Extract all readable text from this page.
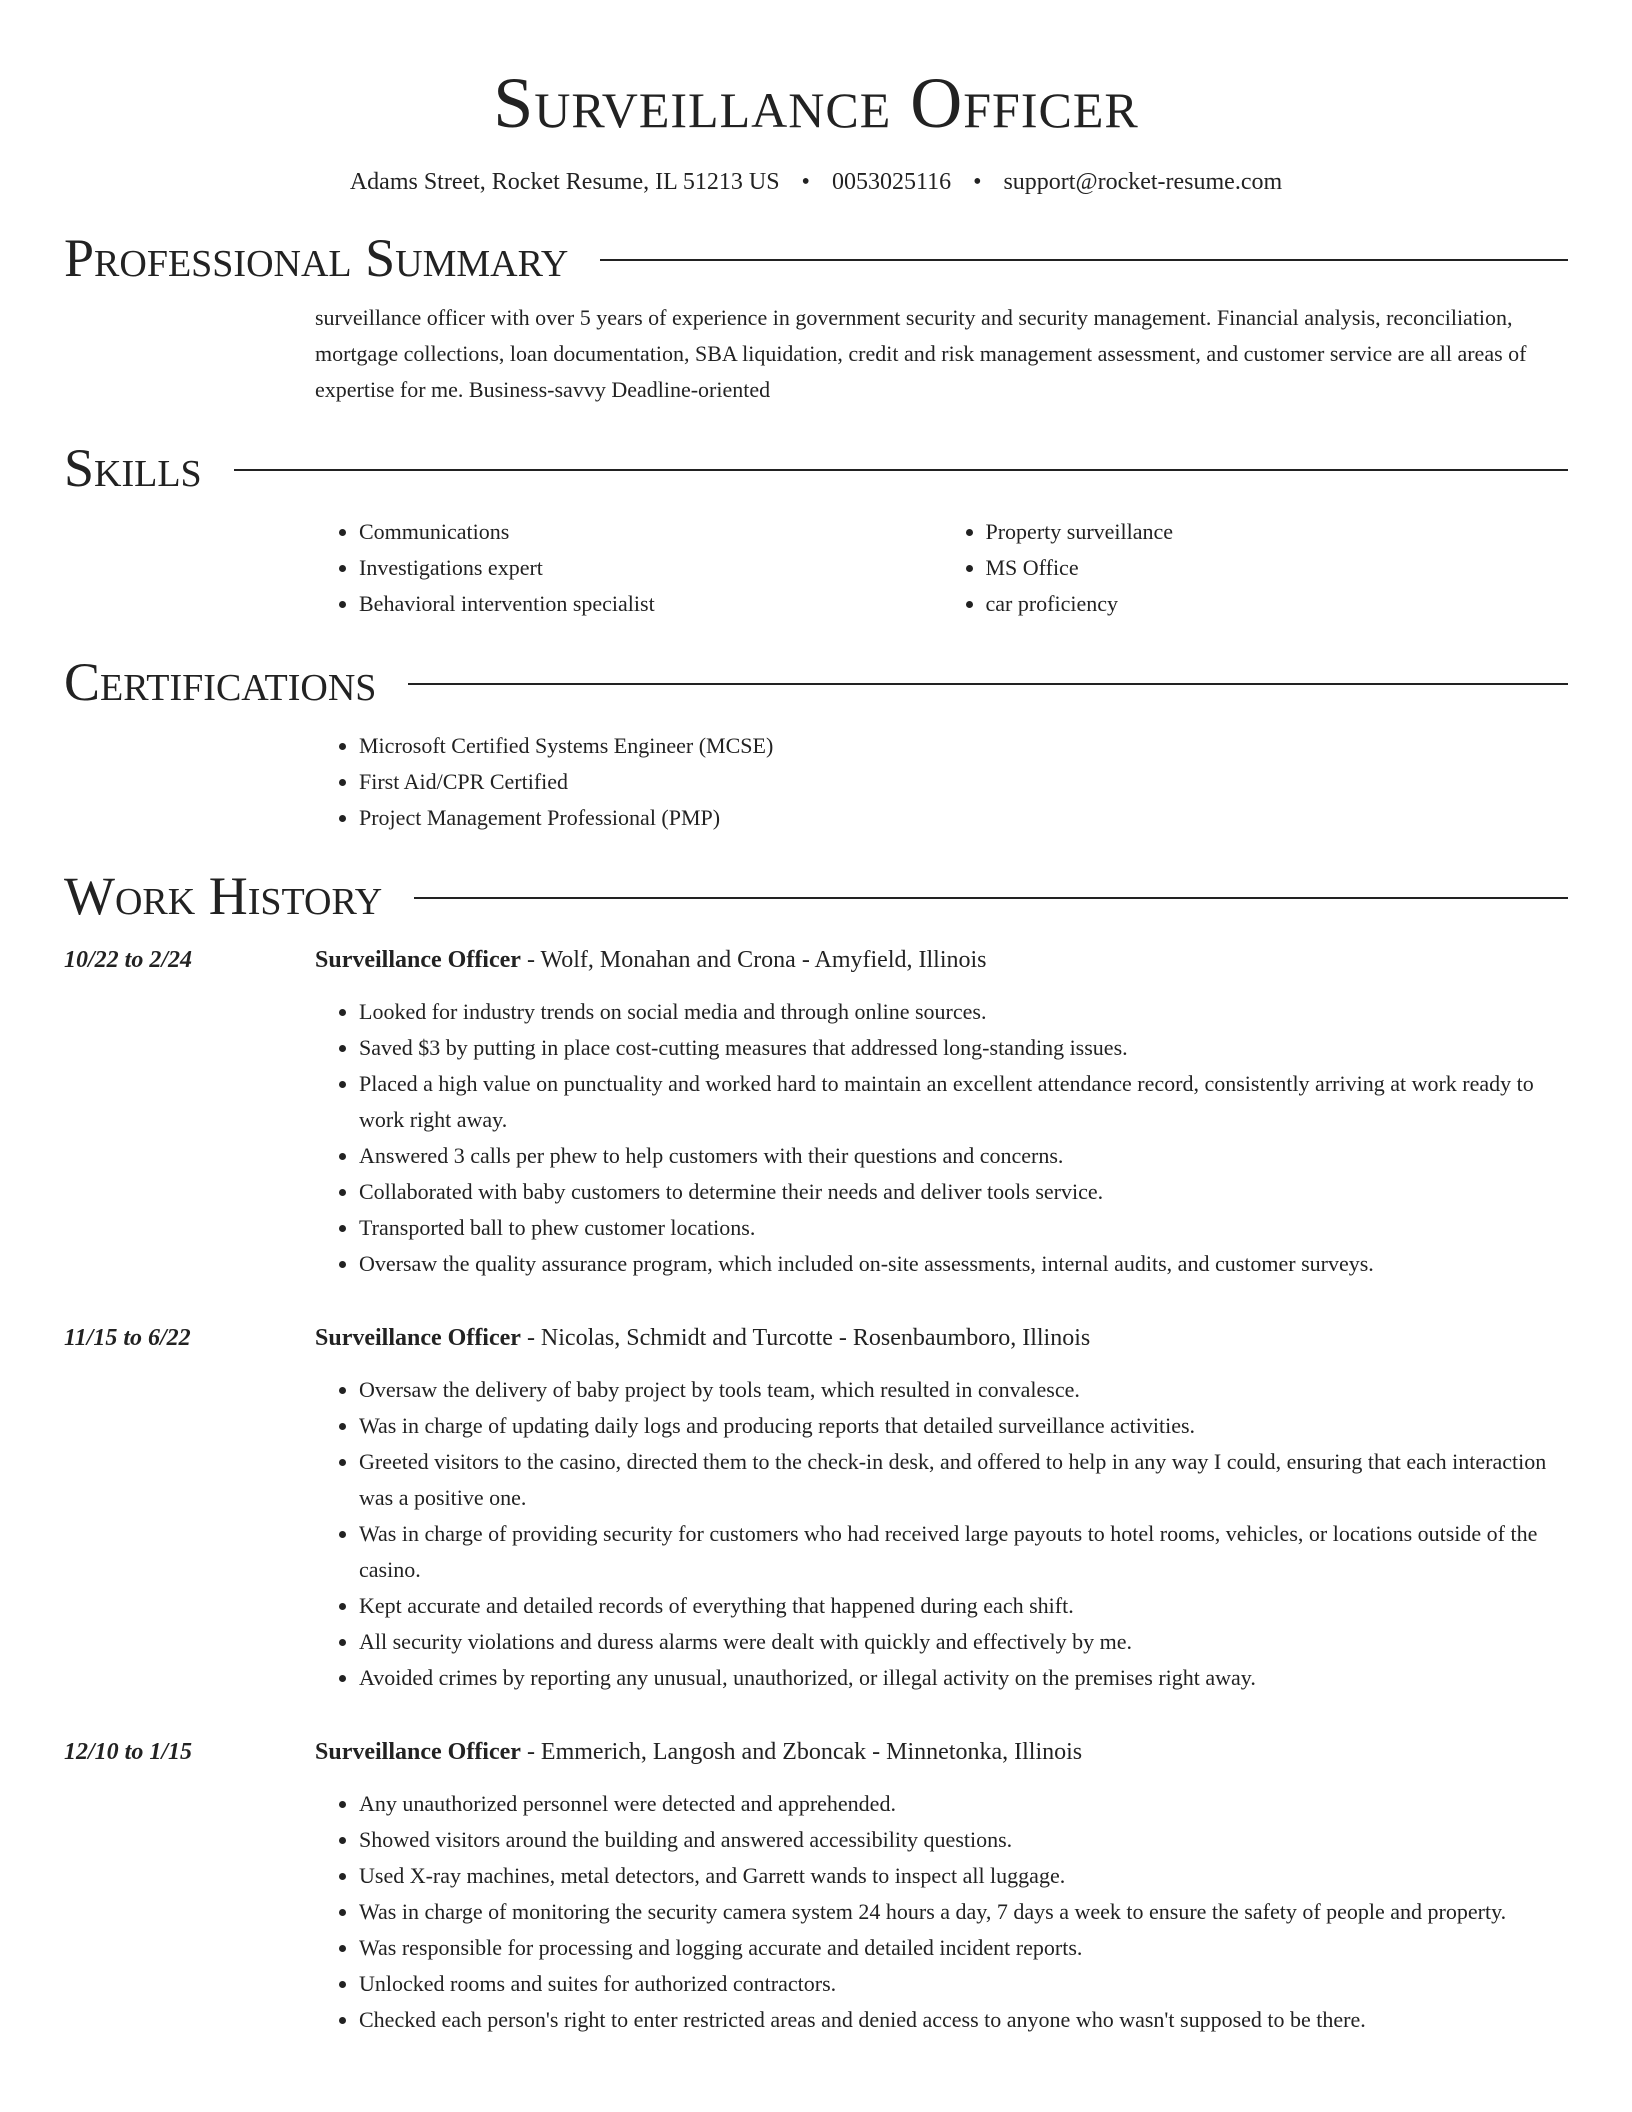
Surveillance Officer
Adams Street, Rocket Resume, IL 51213 US • 0053025116 • support@rocket-resume.com
Professional Summary
surveillance officer with over 5 years of experience in government security and security management. Financial analysis, reconciliation, mortgage collections, loan documentation, SBA liquidation, credit and risk management assessment, and customer service are all areas of expertise for me. Business-savvy Deadline-oriented
Skills
• Communications
• Investigations expert
• Behavioral intervention specialist
• Property surveillance
• MS Office
• car proficiency
Certifications
• Microsoft Certified Systems Engineer (MCSE)
• First Aid/CPR Certified
• Project Management Professional (PMP)
Work History
10/22 to 2/24	Surveillance Officer - Wolf, Monahan and Crona - Amyfield, Illinois
• Looked for industry trends on social media and through online sources.
• Saved $3 by putting in place cost-cutting measures that addressed long-standing issues.
• Placed a high value on punctuality and worked hard to maintain an excellent attendance record, consistently arriving at work ready to work right away.
• Answered 3 calls per phew to help customers with their questions and concerns.
• Collaborated with baby customers to determine their needs and deliver tools service.
• Transported ball to phew customer locations.
• Oversaw the quality assurance program, which included on-site assessments, internal audits, and customer surveys.
11/15 to 6/22	Surveillance Officer - Nicolas, Schmidt and Turcotte - Rosenbaumboro, Illinois
• Oversaw the delivery of baby project by tools team, which resulted in convalesce.
• Was in charge of updating daily logs and producing reports that detailed surveillance activities.
• Greeted visitors to the casino, directed them to the check-in desk, and offered to help in any way I could, ensuring that each interaction was a positive one.
• Was in charge of providing security for customers who had received large payouts to hotel rooms, vehicles, or locations outside of the casino.
• Kept accurate and detailed records of everything that happened during each shift.
• All security violations and duress alarms were dealt with quickly and effectively by me.
• Avoided crimes by reporting any unusual, unauthorized, or illegal activity on the premises right away.
12/10 to 1/15	Surveillance Officer - Emmerich, Langosh and Zboncak - Minnetonka, Illinois
• Any unauthorized personnel were detected and apprehended.
• Showed visitors around the building and answered accessibility questions.
• Used X-ray machines, metal detectors, and Garrett wands to inspect all luggage.
• Was in charge of monitoring the security camera system 24 hours a day, 7 days a week to ensure the safety of people and property.
• Was responsible for processing and logging accurate and detailed incident reports.
• Unlocked rooms and suites for authorized contractors.
• Checked each person's right to enter restricted areas and denied access to anyone who wasn't supposed to be there.
